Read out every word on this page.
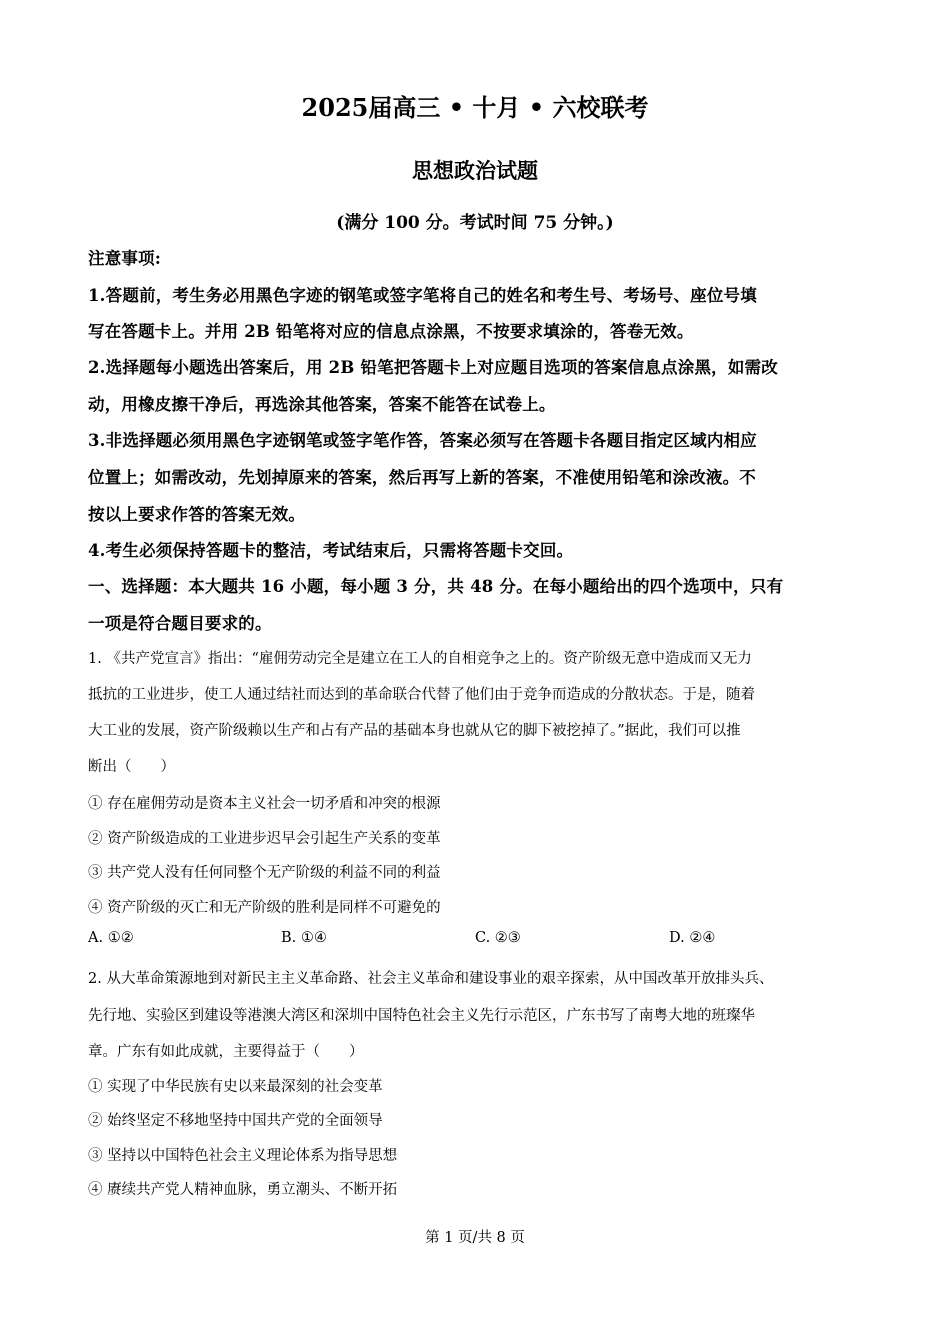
2025届高三 • 十月 • 六校联考
思想政治试题
(满分 100 分。考试时间 75 分钟。)
注意事项:
1.答题前，考生务必用黑色字迹的钢笔或签字笔将自己的姓名和考生号、考场号、座位号填
写在答题卡上。并用 2B 铅笔将对应的信息点涂黑，不按要求填涂的，答卷无效。
2.选择题每小题选出答案后，用 2B 铅笔把答题卡上对应题目选项的答案信息点涂黑，如需改
动，用橡皮擦干净后，再选涂其他答案，答案不能答在试卷上。
3.非选择题必须用黑色字迹钢笔或签字笔作答，答案必须写在答题卡各题目指定区域内相应
位置上；如需改动，先划掉原来的答案，然后再写上新的答案，不准使用铅笔和涂改液。不
按以上要求作答的答案无效。
4.考生必须保持答题卡的整洁，考试结束后，只需将答题卡交回。
一、选择题：本大题共 16 小题，每小题 3 分，共 48 分。在每小题给出的四个选项中，只有
一项是符合题目要求的。
1. 《共产党宣言》指出：“雇佣劳动完全是建立在工人的自相竞争之上的。资产阶级无意中造成而又无力
抵抗的工业进步，使工人通过结社而达到的革命联合代替了他们由于竞争而造成的分散状态。于是，随着
大工业的发展，资产阶级赖以生产和占有产品的基础本身也就从它的脚下被挖掉了。”据此，我们可以推
断出（　　）
① 存在雇佣劳动是资本主义社会一切矛盾和冲突的根源
② 资产阶级造成的工业进步迟早会引起生产关系的变革
③ 共产党人没有任何同整个无产阶级的利益不同的利益
④ 资产阶级的灭亡和无产阶级的胜利是同样不可避免的
A. ①②	B. ①④	C. ②③	D. ②④
2. 从大革命策源地到对新民主主义革命路、社会主义革命和建设事业的艰辛探索，从中国改革开放排头兵、
先行地、实验区到建设等港澳大湾区和深圳中国特色社会主义先行示范区，广东书写了南粤大地的班璨华
章。广东有如此成就，主要得益于（　　）
① 实现了中华民族有史以来最深刻的社会变革
② 始终坚定不移地坚持中国共产党的全面领导
③ 坚持以中国特色社会主义理论体系为指导思想
④ 赓续共产党人精神血脉，勇立潮头、不断开拓
第 1 页/共 8 页
